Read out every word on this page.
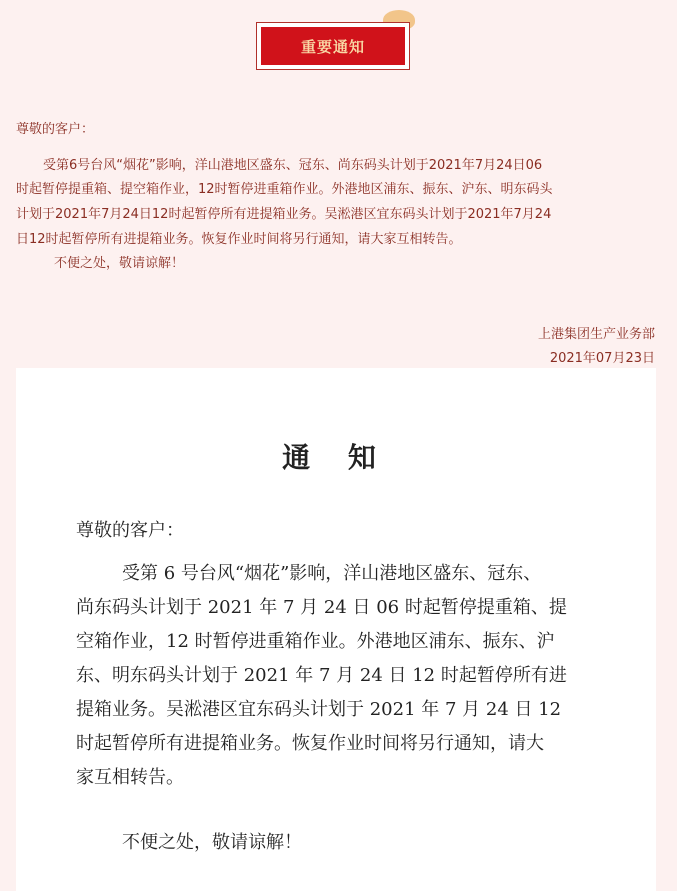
重要通知
尊敬的客户：
受第6号台风“烟花”影响，洋山港地区盛东、冠东、尚东码头计划于2021年7月24日06
时起暂停提重箱、提空箱作业，12时暂停进重箱作业。外港地区浦东、振东、沪东、明东码头
计划于2021年7月24日12时起暂停所有进提箱业务。吴淞港区宜东码头计划于2021年7月24
日12时起暂停所有进提箱业务。恢复作业时间将另行通知，请大家互相转告。
不便之处，敬请谅解！
上港集团生产业务部
2021年07月23日
通 知
尊敬的客户：
受第 6 号台风“烟花”影响，洋山港地区盛东、冠东、
尚东码头计划于 2021 年 7 月 24 日 06 时起暂停提重箱、提
空箱作业，12 时暂停进重箱作业。外港地区浦东、振东、沪
东、明东码头计划于 2021 年 7 月 24 日 12 时起暂停所有进
提箱业务。吴淞港区宜东码头计划于 2021 年 7 月 24 日 12
时起暂停所有进提箱业务。恢复作业时间将另行通知，请大
家互相转告。
不便之处，敬请谅解！
